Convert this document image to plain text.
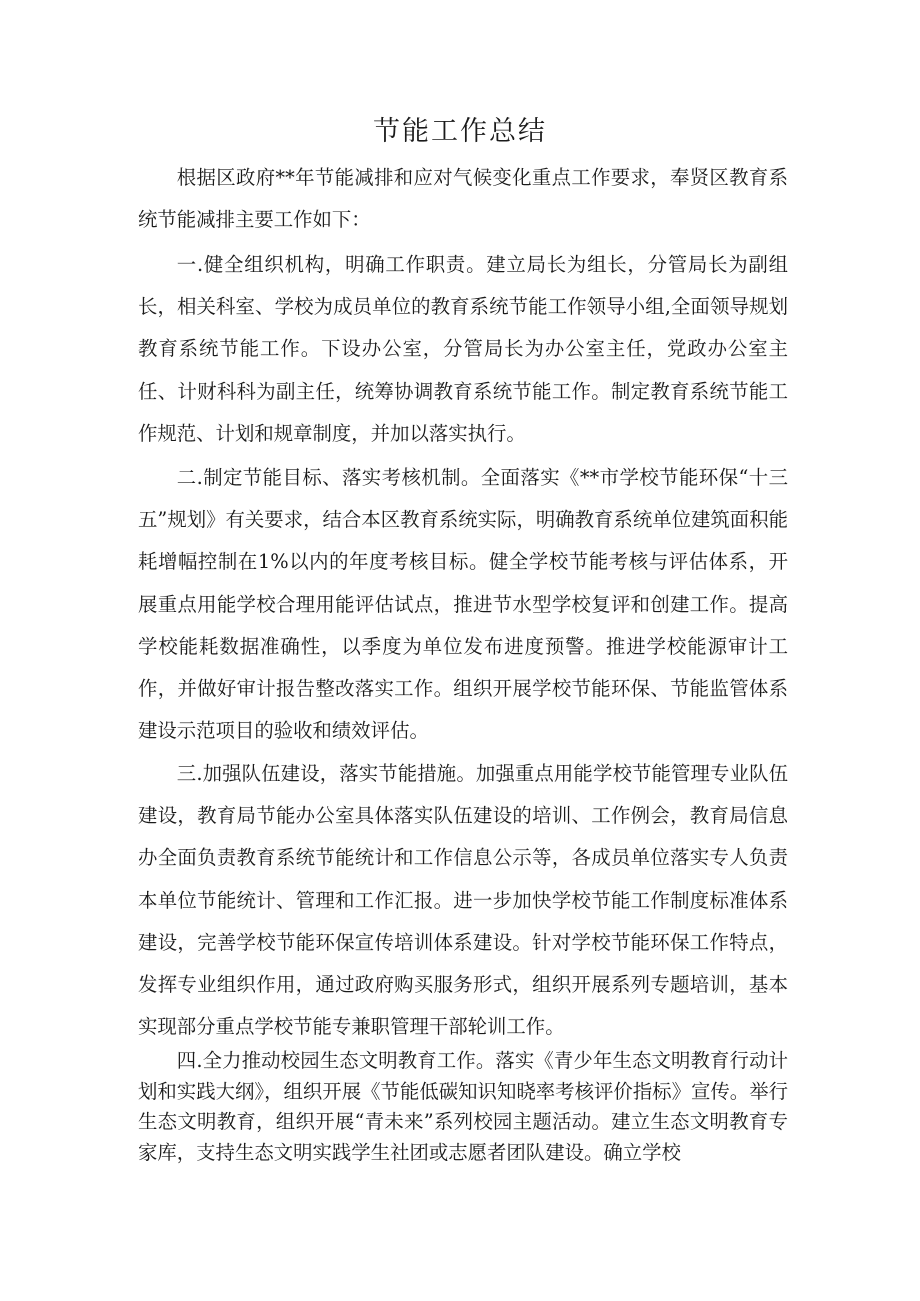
节能工作总结

根据区政府**年节能减排和应对气候变化重点工作要求，奉贤区教育系统节能减排主要工作如下：

一.健全组织机构，明确工作职责。建立局长为组长，分管局长为副组长，相关科室、学校为成员单位的教育系统节能工作领导小组,全面领导规划教育系统节能工作。下设办公室，分管局长为办公室主任，党政办公室主任、计财科科为副主任，统筹协调教育系统节能工作。制定教育系统节能工作规范、计划和规章制度，并加以落实执行。

二.制定节能目标、落实考核机制。全面落实《**市学校节能环保“十三五”规划》有关要求，结合本区教育系统实际，明确教育系统单位建筑面积能耗增幅控制在1%以内的年度考核目标。健全学校节能考核与评估体系，开展重点用能学校合理用能评估试点，推进节水型学校复评和创建工作。提高学校能耗数据准确性，以季度为单位发布进度预警。推进学校能源审计工作，并做好审计报告整改落实工作。组织开展学校节能环保、节能监管体系建设示范项目的验收和绩效评估。

三.加强队伍建设，落实节能措施。加强重点用能学校节能管理专业队伍建设，教育局节能办公室具体落实队伍建设的培训、工作例会，教育局信息办全面负责教育系统节能统计和工作信息公示等，各成员单位落实专人负责本单位节能统计、管理和工作汇报。进一步加快学校节能工作制度标准体系建设，完善学校节能环保宣传培训体系建设。针对学校节能环保工作特点，发挥专业组织作用，通过政府购买服务形式，组织开展系列专题培训，基本实现部分重点学校节能专兼职管理干部轮训工作。

四.全力推动校园生态文明教育工作。落实《青少年生态文明教育行动计划和实践大纲》，组织开展《节能低碳知识知晓率考核评价指标》宣传。举行生态文明教育，组织开展“青未来”系列校园主题活动。建立生态文明教育专家库，支持生态文明实践学生社团或志愿者团队建设。确立学校
